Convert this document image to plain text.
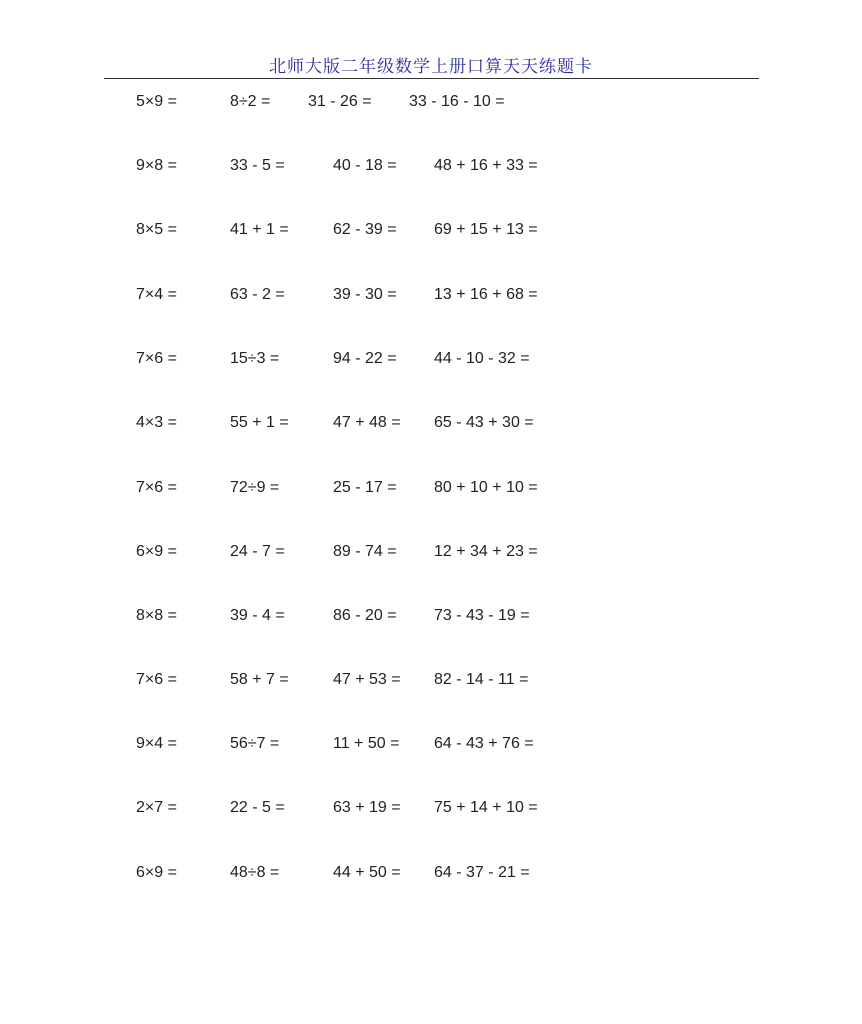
北师大版二年级数学上册口算天天练题卡
5×9 =	8÷2 = 31 - 26 = 33 - 16 - 10 =
9×8 =	33 - 5 =	40 - 18 = 48 + 16 + 33 =
8×5 =	41 + 1 =	62 - 39 = 69 + 15 + 13 =
7×4 =	63 - 2 =	39 - 30 = 13 + 16 + 68 =
7×6 =	15÷3 =	94 - 22 = 44 - 10 - 32 =
4×3 =	55 + 1 =	47 + 48 = 65 - 43 + 30 =
7×6 =	72÷9 =	25 - 17 = 80 + 10 + 10 =
6×9 =	24 - 7 =	89 - 74 = 12 + 34 + 23 =
8×8 =	39 - 4 =	86 - 20 = 73 - 43 - 19 =
7×6 =	58 + 7 =	47 + 53 = 82 - 14 - 11 =
9×4 =	56÷7 =	11 + 50 = 64 - 43 + 76 =
2×7 =	22 - 5 =	63 + 19 = 75 + 14 + 10 =
6×9 =	48÷8 =	44 + 50 = 64 - 37 - 21 =
